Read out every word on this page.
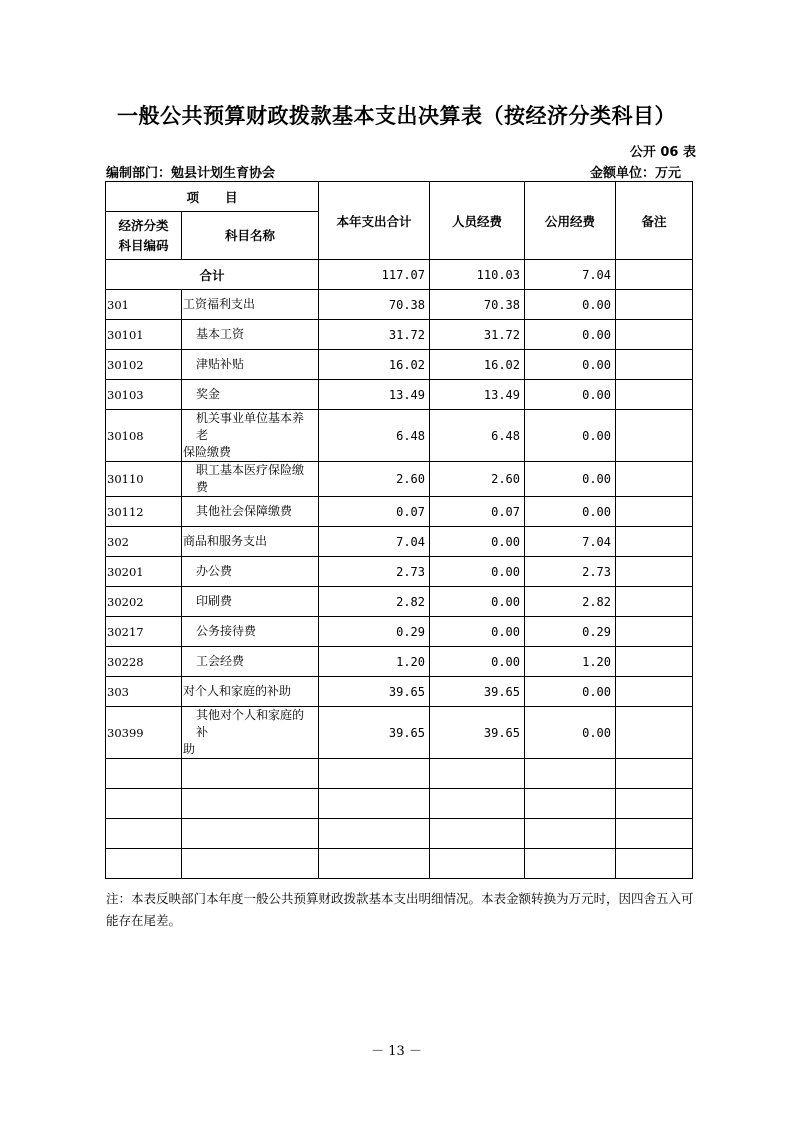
一般公共预算财政拨款基本支出决算表（按经济分类科目）
公开 06 表
编制部门：勉县计划生育协会	金额单位：万元
项      目		本年支出合计	人员经费	公用经费	备注

经济分类
科目编码	科目名称				
合计		117.07	110.03	7.04	
301	工资福利支出	70.38	70.38	0.00	
30101	基本工资	31.72	31.72	0.00	
30102	津贴补贴	16.02	16.02	0.00	
30103	奖金	13.49	13.49	0.00	
30108	机关事业单位基本养老
保险缴费	6.48	6.48	0.00	
30110	职工基本医疗保险缴费	2.60	2.60	0.00	
30112	其他社会保障缴费	0.07	0.07	0.00	
302	商品和服务支出	7.04	0.00	7.04	
30201	办公费	2.73	0.00	2.73	
30202	印刷费	2.82	0.00	2.82	
30217	公务接待费	0.29	0.00	0.29	
30228	工会经费	1.20	0.00	1.20	
303	对个人和家庭的补助	39.65	39.65	0.00	
30399	其他对个人和家庭的补
助	39.65	39.65	0.00	

注：本表反映部门本年度一般公共预算财政拨款基本支出明细情况。本表金额转换为万元时，因四舍五入可能存在尾差。
－ 13 －
